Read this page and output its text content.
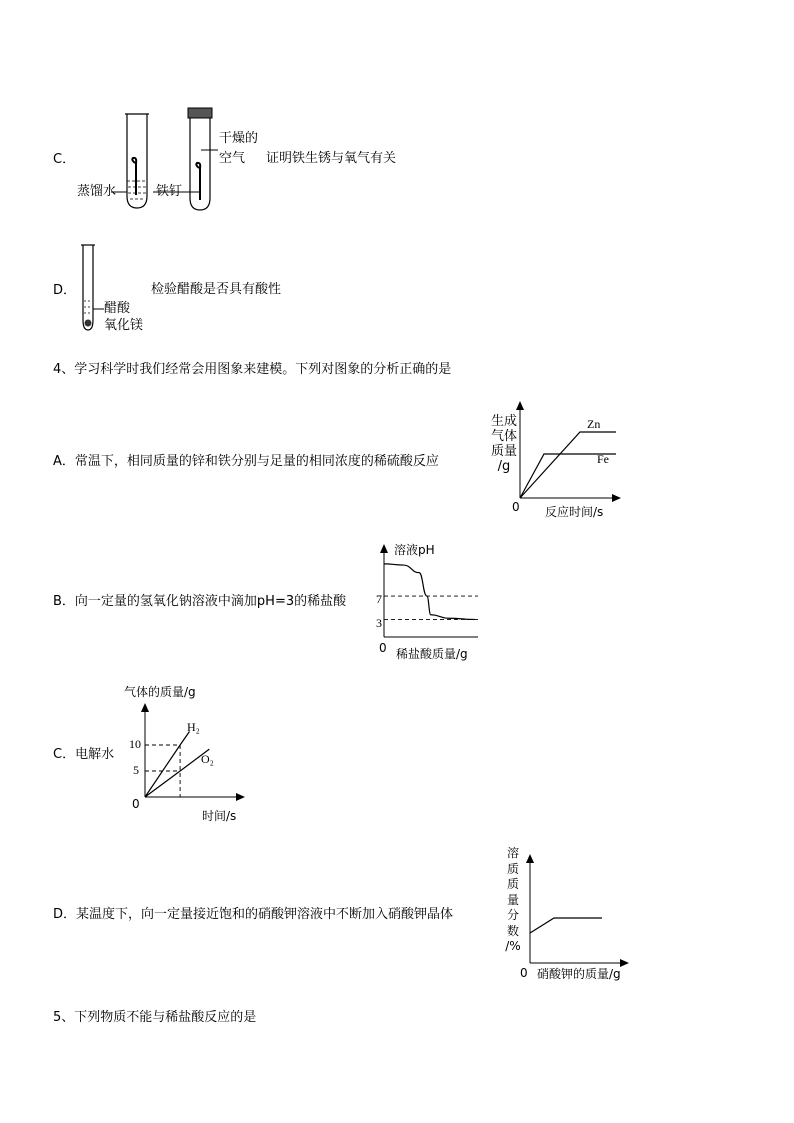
C．
蒸馏水	铁钉
干燥的
空气 证明铁生锈与氧气有关
D．
醋酸
氧化镁
检验醋酸是否具有酸性
4、学习科学时我们经常会用图象来建模。下列对图象的分析正确的是
A．常温下，相同质量的锌和铁分别与足量的相同浓度的稀硫酸反应
B．向一定量的氢氧化钠溶液中滴加pH=3的稀盐酸
C．电解水
D．某温度下，向一定量接近饱和的硝酸钾溶液中不断加入硝酸钾晶体
生成
气体
质量
/g
0 反应时间/s
Zn
Fe
溶液pH
0 稀盐酸质量/g
7
3
气体的质量/g
0
时间/s
10
5
H₂
O₂
溶
质
质
量
分
数
/%
0 硝酸钾的质量/g
5、下列物质不能与稀盐酸反应的是
